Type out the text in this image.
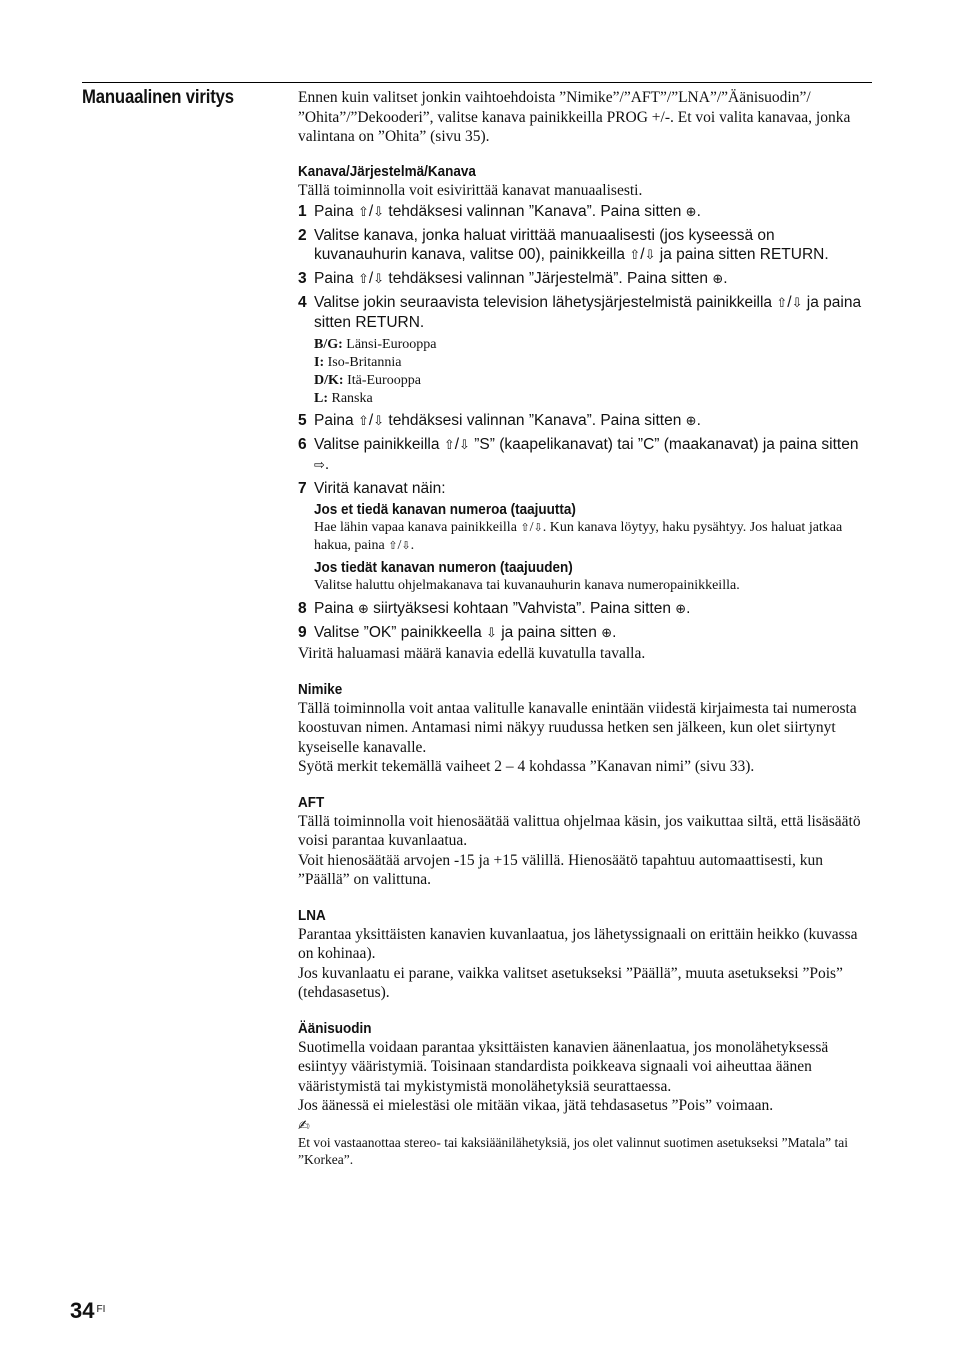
Manuaalinen viritys	Ennen kuin valitset jonkin vaihtoehdoista ”Nimike”/”AFT”/”LNA”/”Äänisuodin”/ ”Ohita”/”Dekooderi”, valitse kanava painikkeilla PROG +/-. Et voi valita kanavaa, jonka valintana on ”Ohita” (sivu 35).

Kanava/Järjestelmä/Kanava

Tällä toiminnolla voit esivirittää kanavat manuaalisesti.

1 Paina ⇧/⇩ tehdäksesi valinnan ”Kanava”. Paina sitten ⊕.
2 Valitse kanava, jonka haluat virittää manuaalisesti (jos kyseessä on kuvanauhurin kanava, valitse 00), painikkeilla ⇧/⇩ ja paina sitten RETURN.
3 Paina ⇧/⇩ tehdäksesi valinnan ”Järjestelmä”. Paina sitten ⊕.
4 Valitse jokin seuraavista television lähetysjärjestelmistä painikkeilla ⇧/⇩ ja paina sitten RETURN.
B/G: Länsi-Eurooppa
I: Iso-Britannia
D/K: Itä-Eurooppa
L: Ranska
5 Paina ⇧/⇩ tehdäksesi valinnan ”Kanava”. Paina sitten ⊕.
6 Valitse painikkeilla ⇧/⇩ ”S” (kaapelikanavat) tai ”C” (maakanavat) ja paina sitten ⇨.
7 Viritä kanavat näin:
Jos et tiedä kanavan numeroa (taajuutta)

Hae lähin vapaa kanava painikkeilla ⇧/⇩. Kun kanava löytyy, haku pysähtyy. Jos haluat jatkaa hakua, paina ⇧/⇩.

Jos tiedät kanavan numeron (taajuuden)

Valitse haluttu ohjelmakanava tai kuvanauhurin kanava numeropainikkeilla.

8 Paina ⊕ siirtyäksesi kohtaan ”Vahvista”. Paina sitten ⊕.
9 Valitse ”OK” painikkeella ⇩ ja paina sitten ⊕.

Viritä haluamasi määrä kanavia edellä kuvatulla tavalla.

Nimike

Tällä toiminnolla voit antaa valitulle kanavalle enintään viidestä kirjaimesta tai numerosta koostuvan nimen. Antamasi nimi näkyy ruudussa hetken sen jälkeen, kun olet siirtynyt kyseiselle kanavalle.

Syötä merkit tekemällä vaiheet 2 – 4 kohdassa ”Kanavan nimi” (sivu 33).

AFT

Tällä toiminnolla voit hienosäätää valittua ohjelmaa käsin, jos vaikuttaa siltä, että lisäsäätö voisi parantaa kuvanlaatua.

Voit hienosäätää arvojen -15 ja +15 välillä. Hienosäätö tapahtuu automaattisesti, kun ”Päällä” on valittuna.

LNA

Parantaa yksittäisten kanavien kuvanlaatua, jos lähetyssignaali on erittäin heikko (kuvassa on kohinaa).

Jos kuvanlaatu ei parane, vaikka valitset asetukseksi ”Päällä”, muuta asetukseksi ”Pois” (tehdasasetus).

Äänisuodin

Suotimella voidaan parantaa yksittäisten kanavien äänenlaatua, jos monolähetyksessä esiintyy vääristymiä. Toisinaan standardista poikkeava signaali voi aiheuttaa äänen vääristymistä tai mykistymistä monolähetyksiä seurattaessa.

Jos äänessä ei mielestäsi ole mitään vikaa, jätä tehdasasetus ”Pois” voimaan.

✍

Et voi vastaanottaa stereo- tai kaksiäänilähetyksiä, jos olet valinnut suotimen asetukseksi ”Matala” tai ”Korkea”.

34 $^{FI}$
